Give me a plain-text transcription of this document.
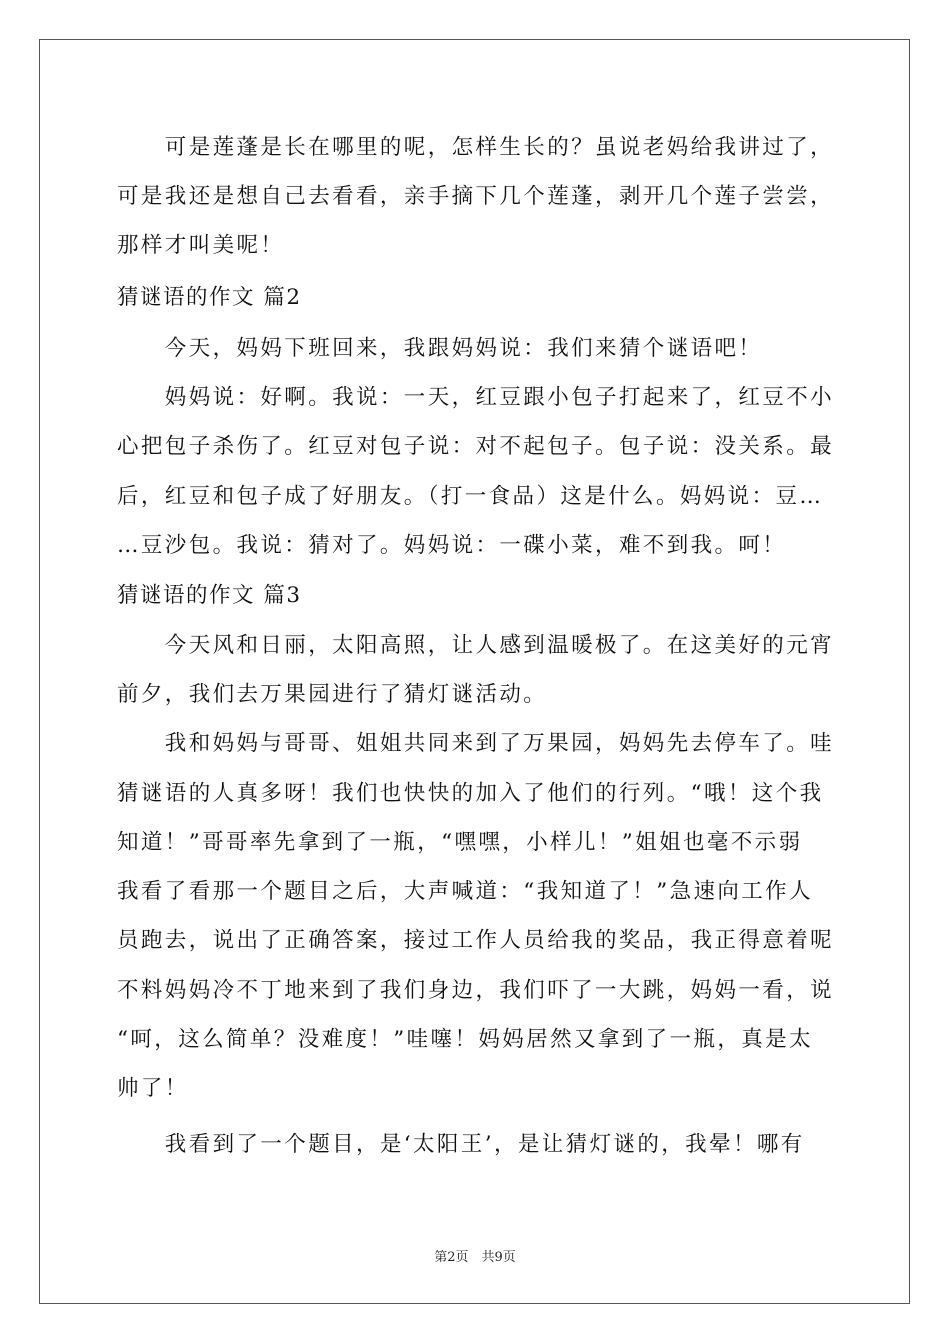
　　可是莲蓬是长在哪里的呢，怎样生长的？虽说老妈给我讲过了，
可是我还是想自己去看看，亲手摘下几个莲蓬，剥开几个莲子尝尝，
那样才叫美呢！
猜谜语的作文 篇2
　　今天，妈妈下班回来，我跟妈妈说：我们来猜个谜语吧！
　　妈妈说：好啊。我说：一天，红豆跟小包子打起来了，红豆不小
心把包子杀伤了。红豆对包子说：对不起包子。包子说：没关系。最
后，红豆和包子成了好朋友。（打一食品）这是什么。妈妈说：豆…
…豆沙包。我说：猜对了。妈妈说：一碟小菜，难不到我。呵！
猜谜语的作文 篇3
　　今天风和日丽，太阳高照，让人感到温暖极了。在这美好的元宵
前夕，我们去万果园进行了猜灯谜活动。
　　我和妈妈与哥哥、姐姐共同来到了万果园，妈妈先去停车了。哇
猜谜语的人真多呀！我们也快快的加入了他们的行列。“哦！这个我
知道！”哥哥率先拿到了一瓶，“嘿嘿，小样儿！”姐姐也毫不示弱
我看了看那一个题目之后，大声喊道：“我知道了！”急速向工作人
员跑去，说出了正确答案，接过工作人员给我的奖品，我正得意着呢
不料妈妈冷不丁地来到了我们身边，我们吓了一大跳，妈妈一看，说
“呵，这么简单？没难度！”哇噻！妈妈居然又拿到了一瓶，真是太
帅了！
　　我看到了一个题目，是‘太阳王’，是让猜灯谜的，我晕！哪有
第2页　共9页
